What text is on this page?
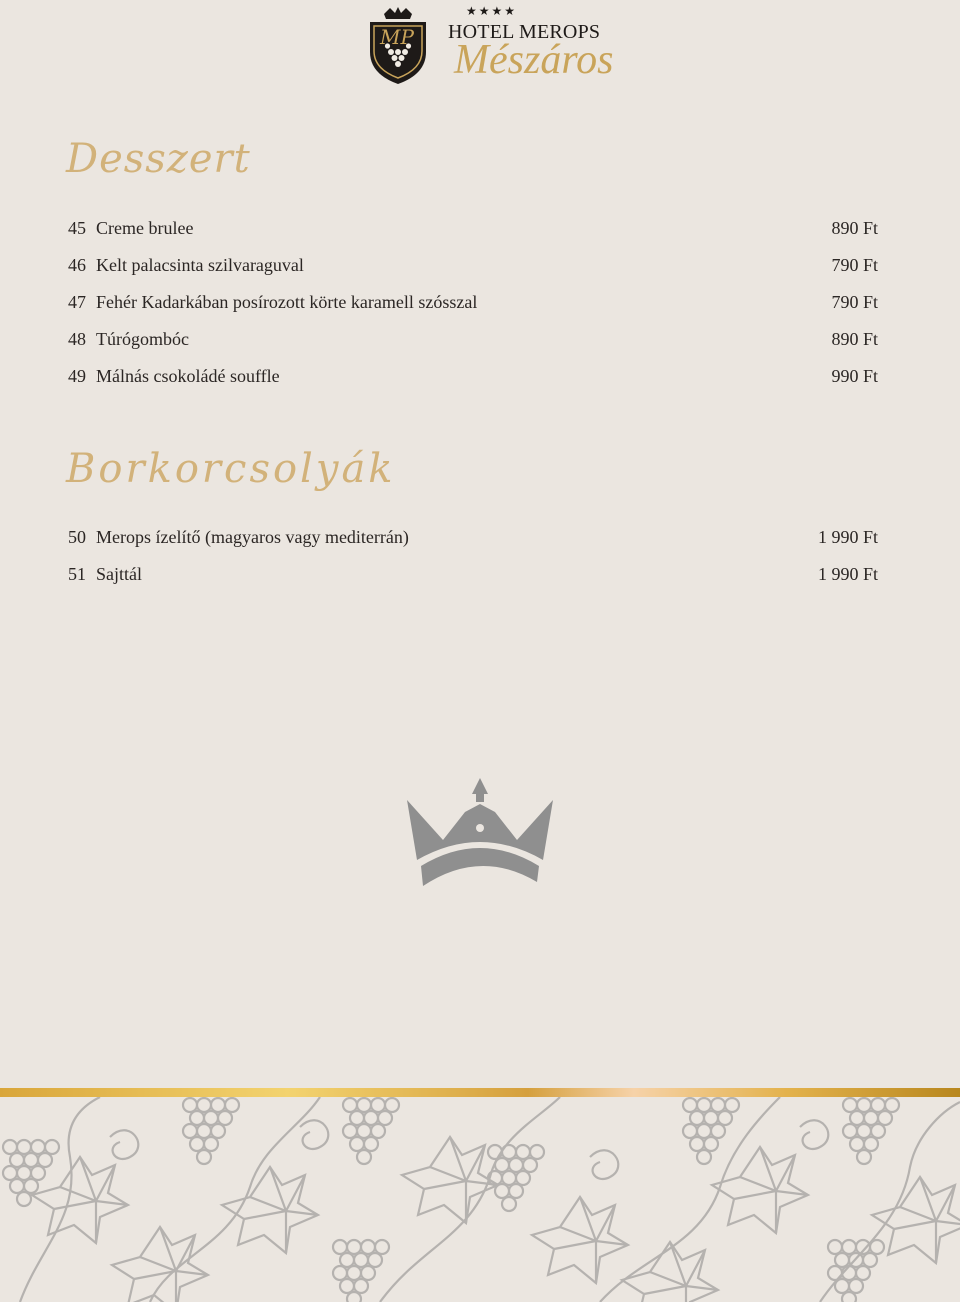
MP
★★★★
HOTEL MEROPS
Mészáros
Desszert
45 Creme brulee	890 Ft
46 Kelt palacsinta szilvaraguval	790 Ft
47 Fehér Kadarkában posírozott körte karamell szósszal	790 Ft
48 Túrógombóc	890 Ft
49 Málnás csokoládé souffle	990 Ft
Borkorcsolyák
50 Merops ízelítő (magyaros vagy mediterrán)	1 990 Ft
51 Sajttál	1 990 Ft
